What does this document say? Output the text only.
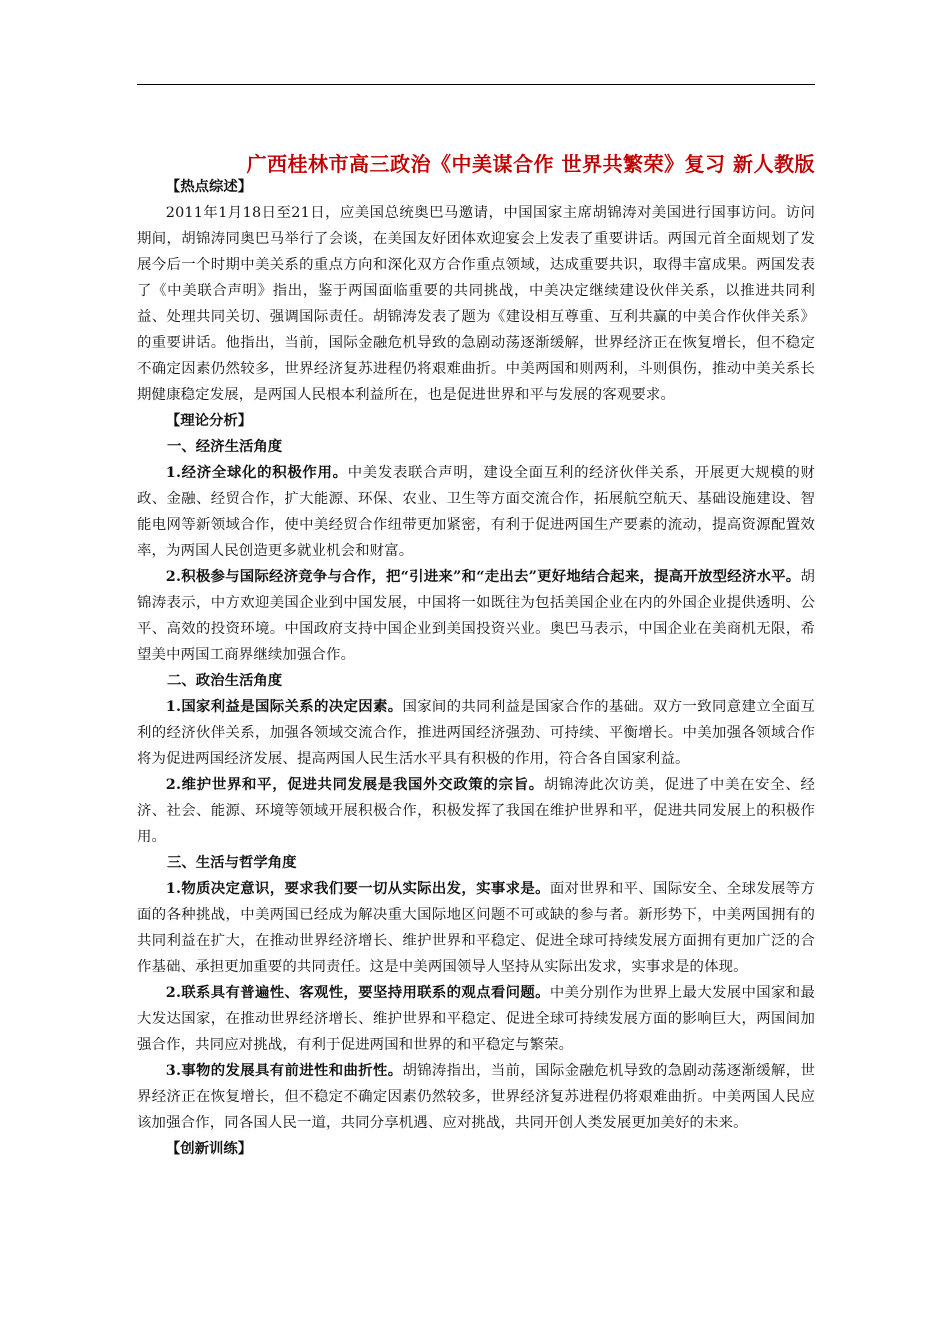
广西桂林市高三政治《中美谋合作 世界共繁荣》复习 新人教版

【热点综述】

2011年1月18日至21日，应美国总统奥巴马邀请，中国国家主席胡锦涛对美国进行国事访问。访问期间，胡锦涛同奥巴马举行了会谈，在美国友好团体欢迎宴会上发表了重要讲话。两国元首全面规划了发展今后一个时期中美关系的重点方向和深化双方合作重点领域，达成重要共识，取得丰富成果。两国发表了《中美联合声明》指出，鉴于两国面临重要的共同挑战，中美决定继续建设伙伴关系，以推进共同利益、处理共同关切、强调国际责任。胡锦涛发表了题为《建设相互尊重、互利共赢的中美合作伙伴关系》的重要讲话。他指出，当前，国际金融危机导致的急剧动荡逐渐缓解，世界经济正在恢复增长，但不稳定不确定因素仍然较多，世界经济复苏进程仍将艰难曲折。中美两国和则两利，斗则俱伤，推动中美关系长期健康稳定发展，是两国人民根本利益所在，也是促进世界和平与发展的客观要求。

【理论分析】

一、经济生活角度

1.经济全球化的积极作用。中美发表联合声明，建设全面互利的经济伙伴关系，开展更大规模的财政、金融、经贸合作，扩大能源、环保、农业、卫生等方面交流合作，拓展航空航天、基础设施建设、智能电网等新领域合作，使中美经贸合作纽带更加紧密，有利于促进两国生产要素的流动，提高资源配置效率，为两国人民创造更多就业机会和财富。

2.积极参与国际经济竞争与合作，把“引进来”和“走出去”更好地结合起来，提高开放型经济水平。胡锦涛表示，中方欢迎美国企业到中国发展，中国将一如既往为包括美国企业在内的外国企业提供透明、公平、高效的投资环境。中国政府支持中国企业到美国投资兴业。奥巴马表示，中国企业在美商机无限，希望美中两国工商界继续加强合作。

二、政治生活角度

1.国家利益是国际关系的决定因素。国家间的共同利益是国家合作的基础。双方一致同意建立全面互利的经济伙伴关系，加强各领域交流合作，推进两国经济强劲、可持续、平衡增长。中美加强各领域合作将为促进两国经济发展、提高两国人民生活水平具有积极的作用，符合各自国家利益。

2.维护世界和平，促进共同发展是我国外交政策的宗旨。胡锦涛此次访美，促进了中美在安全、经济、社会、能源、环境等领域开展积极合作，积极发挥了我国在维护世界和平，促进共同发展上的积极作用。

三、生活与哲学角度

1.物质决定意识，要求我们要一切从实际出发，实事求是。面对世界和平、国际安全、全球发展等方面的各种挑战，中美两国已经成为解决重大国际地区问题不可或缺的参与者。新形势下，中美两国拥有的共同利益在扩大，在推动世界经济增长、维护世界和平稳定、促进全球可持续发展方面拥有更加广泛的合作基础、承担更加重要的共同责任。这是中美两国领导人坚持从实际出发求，实事求是的体现。

2.联系具有普遍性、客观性，要坚持用联系的观点看问题。中美分别作为世界上最大发展中国家和最大发达国家，在推动世界经济增长、维护世界和平稳定、促进全球可持续发展方面的影响巨大，两国间加强合作，共同应对挑战，有利于促进两国和世界的和平稳定与繁荣。

3.事物的发展具有前进性和曲折性。胡锦涛指出，当前，国际金融危机导致的急剧动荡逐渐缓解，世界经济正在恢复增长，但不稳定不确定因素仍然较多，世界经济复苏进程仍将艰难曲折。中美两国人民应该加强合作，同各国人民一道，共同分享机遇、应对挑战，共同开创人类发展更加美好的未来。

【创新训练】
